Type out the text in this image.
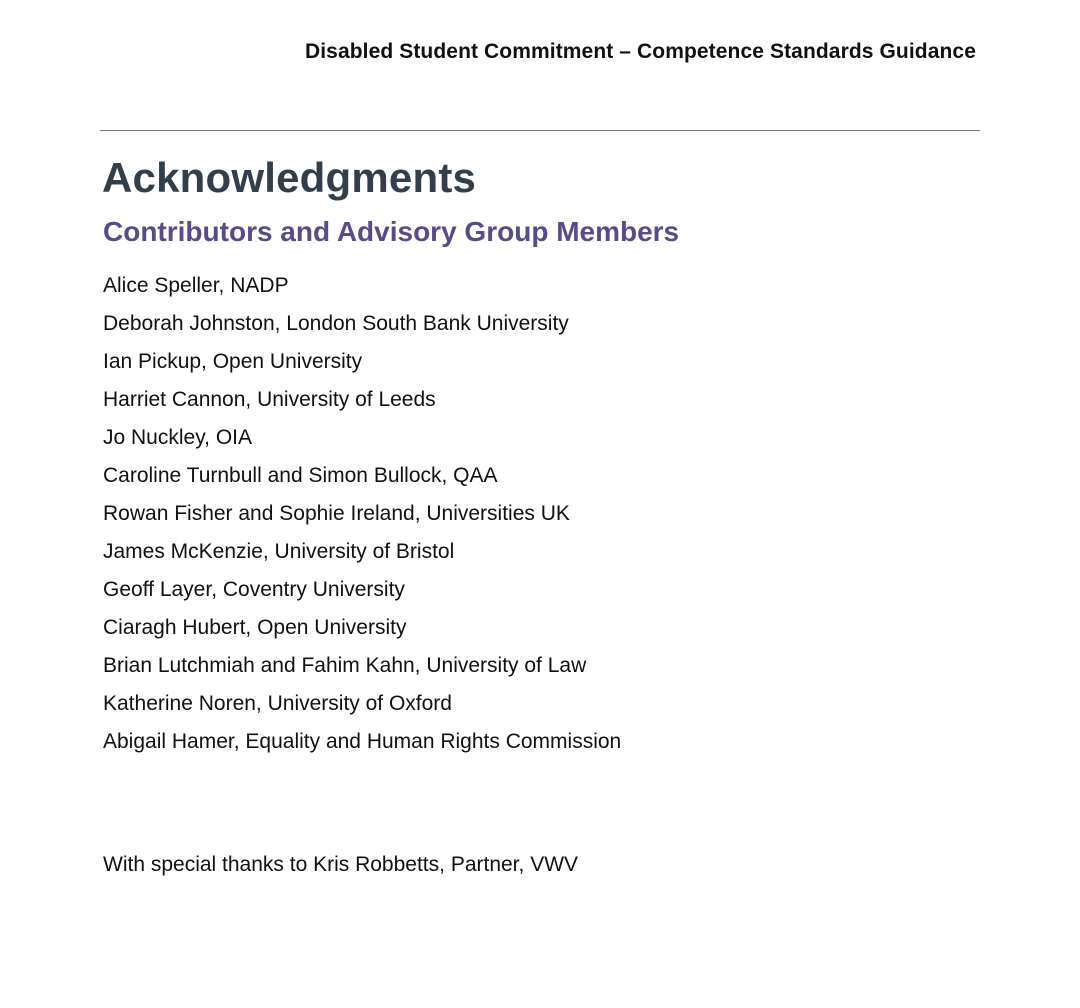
Disabled Student Commitment – Competence Standards Guidance
Acknowledgments
Contributors and Advisory Group Members
Alice Speller, NADP
Deborah Johnston, London South Bank University
Ian Pickup, Open University
Harriet Cannon, University of Leeds
Jo Nuckley, OIA
Caroline Turnbull and Simon Bullock, QAA
Rowan Fisher and Sophie Ireland, Universities UK
James McKenzie, University of Bristol
Geoff Layer, Coventry University
Ciaragh Hubert, Open University
Brian Lutchmiah and Fahim Kahn, University of Law
Katherine Noren, University of Oxford
Abigail Hamer, Equality and Human Rights Commission

With special thanks to Kris Robbetts, Partner, VWV
